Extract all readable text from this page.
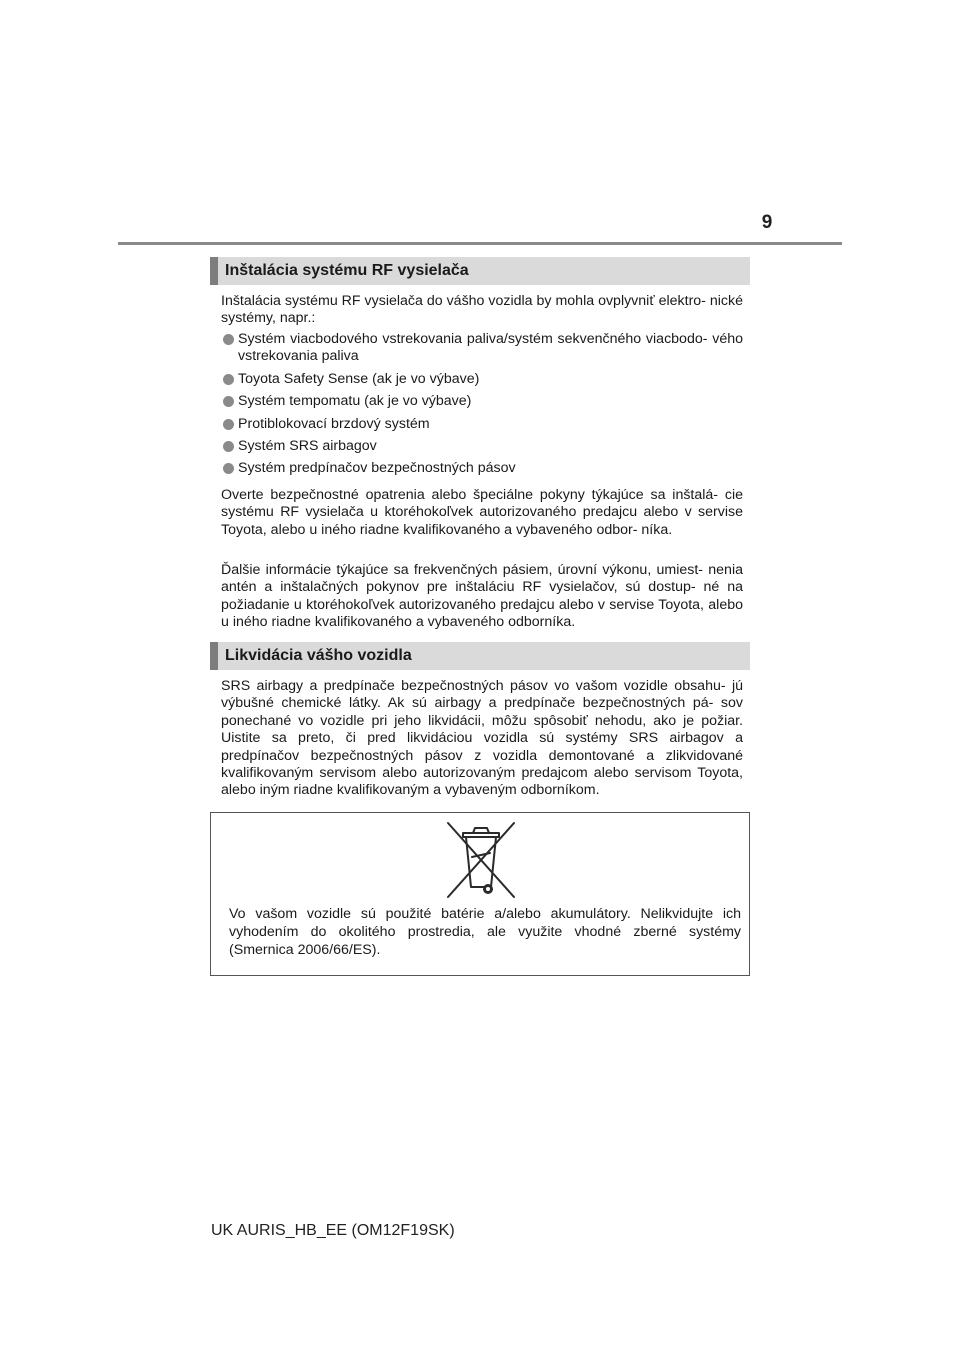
9
Inštalácia systému RF vysielača

Inštalácia systému RF vysielača do vášho vozidla by mohla ovplyvniť elektro- nické systémy, napr.:

Systém viacbodového vstrekovania paliva/systém sekvenčného viacbodo- vého vstrekovania paliva
Toyota Safety Sense (ak je vo výbave)
Systém tempomatu (ak je vo výbave)
Protiblokovací brzdový systém
Systém SRS airbagov
Systém predpínačov bezpečnostných pásov

Overte bezpečnostné opatrenia alebo špeciálne pokyny týkajúce sa inštalá- cie systému RF vysielača u ktoréhokoľvek autorizovaného predajcu alebo v servise Toyota, alebo u iného riadne kvalifikovaného a vybaveného odbor- níka.

Ďalšie informácie týkajúce sa frekvenčných pásiem, úrovní výkonu, umiest- nenia antén a inštalačných pokynov pre inštaláciu RF vysielačov, sú dostup- né na požiadanie u ktoréhokoľvek autorizovaného predajcu alebo v servise Toyota, alebo u iného riadne kvalifikovaného a vybaveného odborníka.

Likvidácia vášho vozidla

SRS airbagy a predpínače bezpečnostných pásov vo vašom vozidle obsahu- jú výbušné chemické látky. Ak sú airbagy a predpínače bezpečnostných pá- sov ponechané vo vozidle pri jeho likvidácii, môžu spôsobiť nehodu, ako je požiar. Uistite sa preto, či pred likvidáciou vozidla sú systémy SRS airbagov a predpínačov bezpečnostných pásov z vozidla demontované a zlikvidované kvalifikovaným servisom alebo autorizovaným predajcom alebo servisom Toyota, alebo iným riadne kvalifikovaným a vybaveným odborníkom.

Vo vašom vozidle sú použité batérie a/alebo akumulátory. Nelikvidujte ich vyhodením do okolitého prostredia, ale využite vhodné zberné systémy (Smernica 2006/66/ES).

UK AURIS_HB_EE (OM12F19SK)
